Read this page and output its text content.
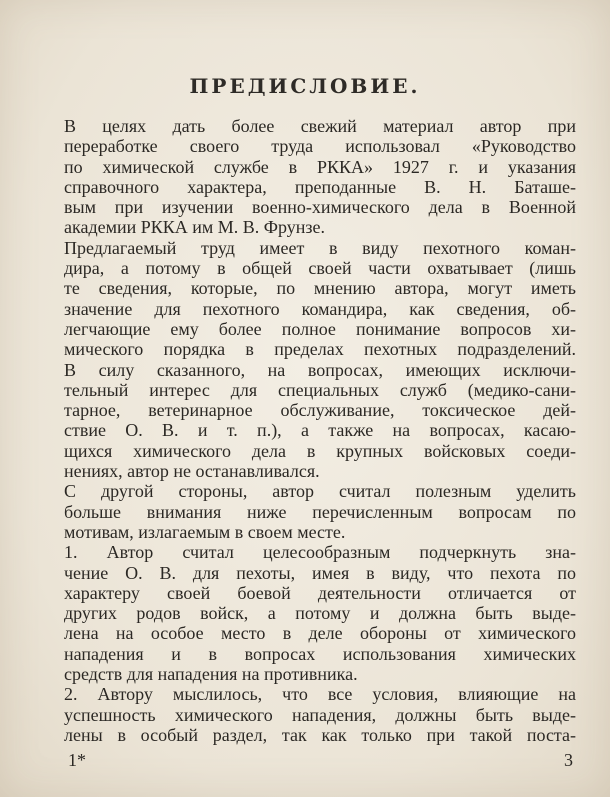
ПРЕДИСЛОВИЕ.
В целях дать более свежий материал автор при
переработке своего труда использовал «Руководство
по химической службе в РККА» 1927 г. и указания
справочного характера, преподанные В. Н. Баташе-
вым при изучении военно-химического дела в Военной
академии РККА им М. В. Фрунзе.
Предлагаемый труд имеет в виду пехотного коман-
дира, а потому в общей своей части охватывает (лишь
те сведения, которые, по мнению автора, могут иметь
значение для пехотного командира, как сведения, об-
легчающие ему более полное понимание вопросов хи-
мического порядка в пределах пехотных подразделений.
В силу сказанного, на вопросах, имеющих исключи-
тельный интерес для специальных служб (медико-сани-
тарное, ветеринарное обслуживание, токсическое дей-
ствие О. В. и т. п.), а также на вопросах, касаю-
щихся химического дела в крупных войсковых соеди-
нениях, автор не останавливался.
С другой стороны, автор считал полезным уделить
больше внимания ниже перечисленным вопросам по
мотивам, излагаемым в своем месте.
1. Автор считал целесообразным подчеркнуть зна-
чение О. В. для пехоты, имея в виду, что пехота по
характеру своей боевой деятельности отличается от
других родов войск, а потому и должна быть выде-
лена на особое место в деле обороны от химического
нападения и в вопросах использования химических
средств для нападения на противника.
2. Автору мыслилось, что все условия, влияющие на
успешность химического нападения, должны быть выде-
лены в особый раздел, так как только при такой поста-
1*	3
